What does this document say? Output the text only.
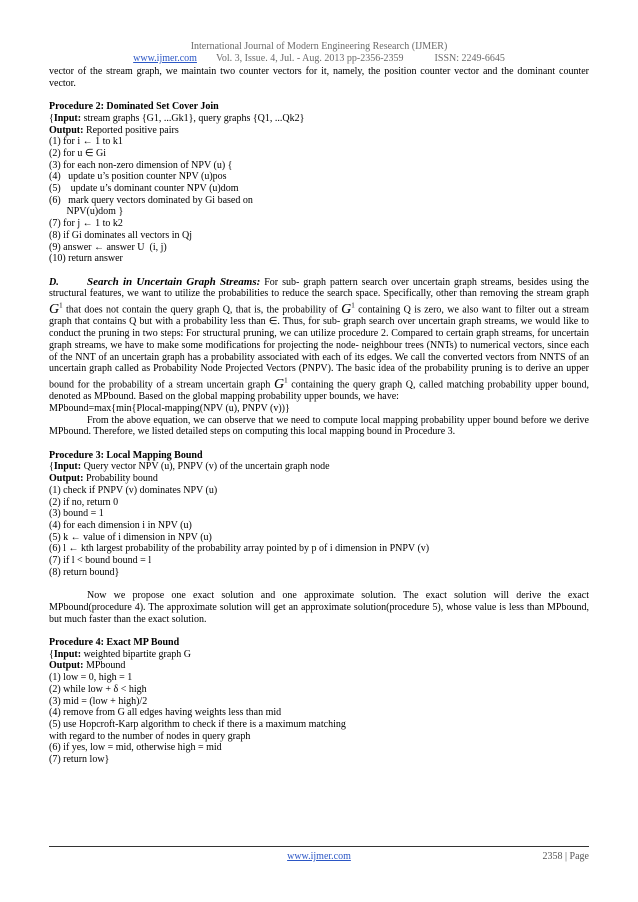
International Journal of Modern Engineering Research (IJMER)
www.ijmer.com Vol. 3, Issue. 4, Jul. - Aug. 2013 pp-2356-2359	ISSN: 2249-6645

vector of the stream graph, we maintain two counter vectors for it, namely, the position counter vector and the dominant counter vector.

Procedure 2: Dominated Set Cover Join
{Input: stream graphs {G1, ...Gk1}, query graphs {Q1, ...Qk2}
Output: Reported positive pairs
(1) for i ← 1 to k1
(2) for u ∈ Gi
(3) for each non-zero dimension of NPV (u) {
(4)   update u’s position counter NPV (u)pos
(5)    update u’s dominant counter NPV (u)dom
(6)   mark query vectors dominated by Gi based on
NPV(u)dom }
(7) for j ← 1 to k2
(8) if Gi dominates all vectors in Qj
(9) answer ← answer U  (i, j)
(10) return answer

D.	Search in Uncertain Graph Streams: For sub- graph pattern search over uncertain graph streams, besides using the structural features, we want to utilize the probabilities to reduce the search space. Specifically, other than removing the stream graph $G^1$ that does not contain the query graph Q, that is, the probability of $G^1$ containing Q is zero, we also want to filter out a stream graph that contains Q but with a probability less than ∈. Thus, for sub- graph search over uncertain graph streams, we would like to conduct the pruning in two steps: For structural pruning, we can utilize procedure 2. Compared to certain graph streams, for uncertain graph streams, we have to make some modifications for projecting the node- neighbour trees (NNTs) to numerical vectors, since each of the NNT of an uncertain graph has a probability associated with each of its edges. We call the converted vectors from NNTS of an uncertain graph called as Probability Node Projected Vectors (PNPV). The basic idea of the probability pruning is to derive an upper bound for the probability of a stream uncertain graph $G^1$ containing the query graph Q, called matching probability upper bound, denoted as MPbound. Based on the global mapping probability upper bounds, we have:

MPbound=max{min{Plocal-mapping(NPV (u), PNPV (v))}

From the above equation, we can observe that we need to compute local mapping probability upper bound before we derive MPbound. Therefore, we listed detailed steps on computing this local mapping bound in Procedure 3.

Procedure 3: Local Mapping Bound
{Input: Query vector NPV (u), PNPV (v) of the uncertain graph node
Output: Probability bound
(1) check if PNPV (v) dominates NPV (u)
(2) if no, return 0
(3) bound = 1
(4) for each dimension i in NPV (u)
(5) k ← value of i dimension in NPV (u)
(6) l ← kth largest probability of the probability array pointed by p of i dimension in PNPV (v)
(7) if l < bound bound = l
(8) return bound}

Now we propose one exact solution and one approximate solution. The exact solution will derive the exact MPbound(procedure 4). The approximate solution will get an approximate solution(procedure 5), whose value is less than MPbound, but much faster than the exact solution.

Procedure 4: Exact MP Bound
{Input: weighted bipartite graph G
Output: MPbound
(1) low = 0, high = 1
(2) while low + δ < high
(3) mid = (low + high)/2
(4) remove from G all edges having weights less than mid
(5) use Hopcroft-Karp algorithm to check if there is a maximum matching
with regard to the number of nodes in query graph
(6) if yes, low = mid, otherwise high = mid
(7) return low}
www.ijmer.com	2358 | Page
